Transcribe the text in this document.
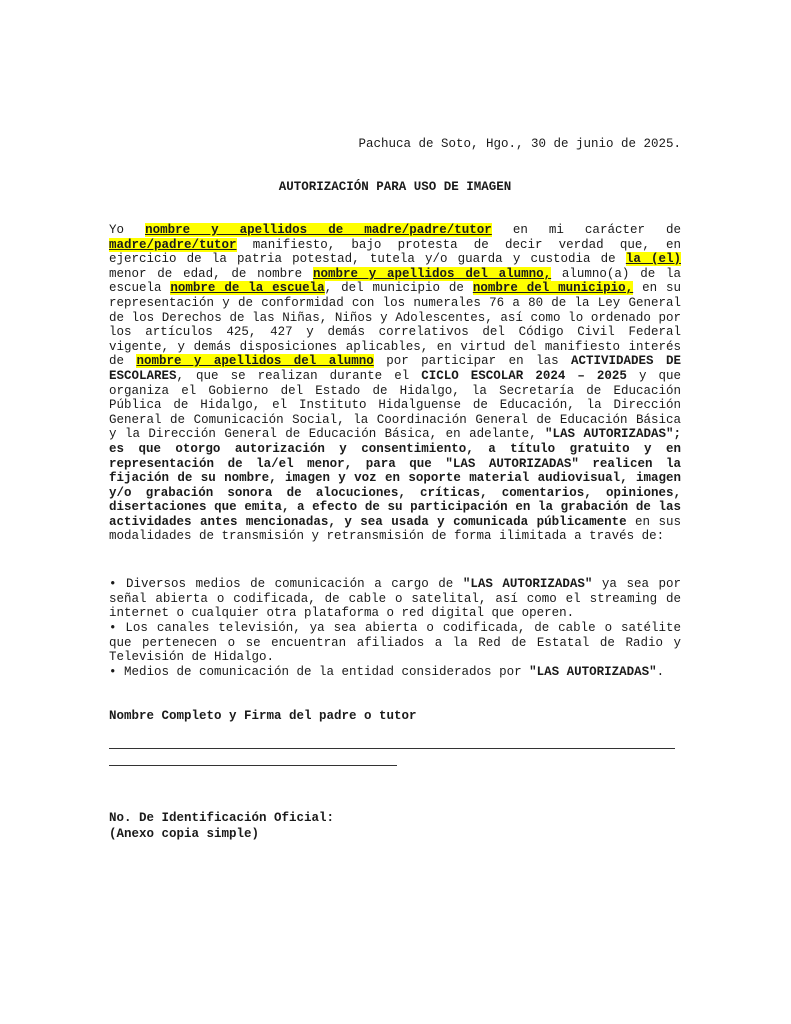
Pachuca de Soto, Hgo., 30 de junio de 2025.
AUTORIZACIÓN PARA USO DE IMAGEN
Yo nombre y apellidos de madre/padre/tutor en mi carácter de madre/padre/tutor manifiesto, bajo protesta de decir verdad que, en ejercicio de la patria potestad, tutela y/o guarda y custodia de la (el) menor de edad, de nombre nombre y apellidos del alumno, alumno(a) de la escuela nombre de la escuela, del municipio de nombre del municipio, en su representación y de conformidad con los numerales 76 a 80 de la Ley General de los Derechos de las Niñas, Niños y Adolescentes, así como lo ordenado por los artículos 425, 427 y demás correlativos del Código Civil Federal vigente, y demás disposiciones aplicables, en virtud del manifiesto interés de nombre y apellidos del alumno por participar en las ACTIVIDADES DE ESCOLARES, que se realizan durante el CICLO ESCOLAR 2024 – 2025 y que organiza el Gobierno del Estado de Hidalgo, la Secretaría de Educación Pública de Hidalgo, el Instituto Hidalguense de Educación, la Dirección General de Comunicación Social, la Coordinación General de Educación Básica y la Dirección General de Educación Básica, en adelante, "LAS AUTORIZADAS"; es que otorgo autorización y consentimiento, a título gratuito y en representación de la/el menor, para que "LAS AUTORIZADAS" realicen la fijación de su nombre, imagen y voz en soporte material audiovisual, imagen y/o grabación sonora de alocuciones, críticas, comentarios, opiniones, disertaciones que emita, a efecto de su participación en la grabación de las actividades antes mencionadas, y sea usada y comunicada públicamente en sus modalidades de transmisión y retransmisión de forma ilimitada a través de:
• Diversos medios de comunicación a cargo de "LAS AUTORIZADAS" ya sea por señal abierta o codificada, de cable o satelital, así como el streaming de internet o cualquier otra plataforma o red digital que operen.
• Los canales televisión, ya sea abierta o codificada, de cable o satélite que pertenecen o se encuentran afiliados a la Red de Estatal de Radio y Televisión de Hidalgo.
• Medios de comunicación de la entidad considerados por "LAS AUTORIZADAS".
Nombre Completo y Firma del padre o tutor
No. De Identificación Oficial:
(Anexo copia simple)
